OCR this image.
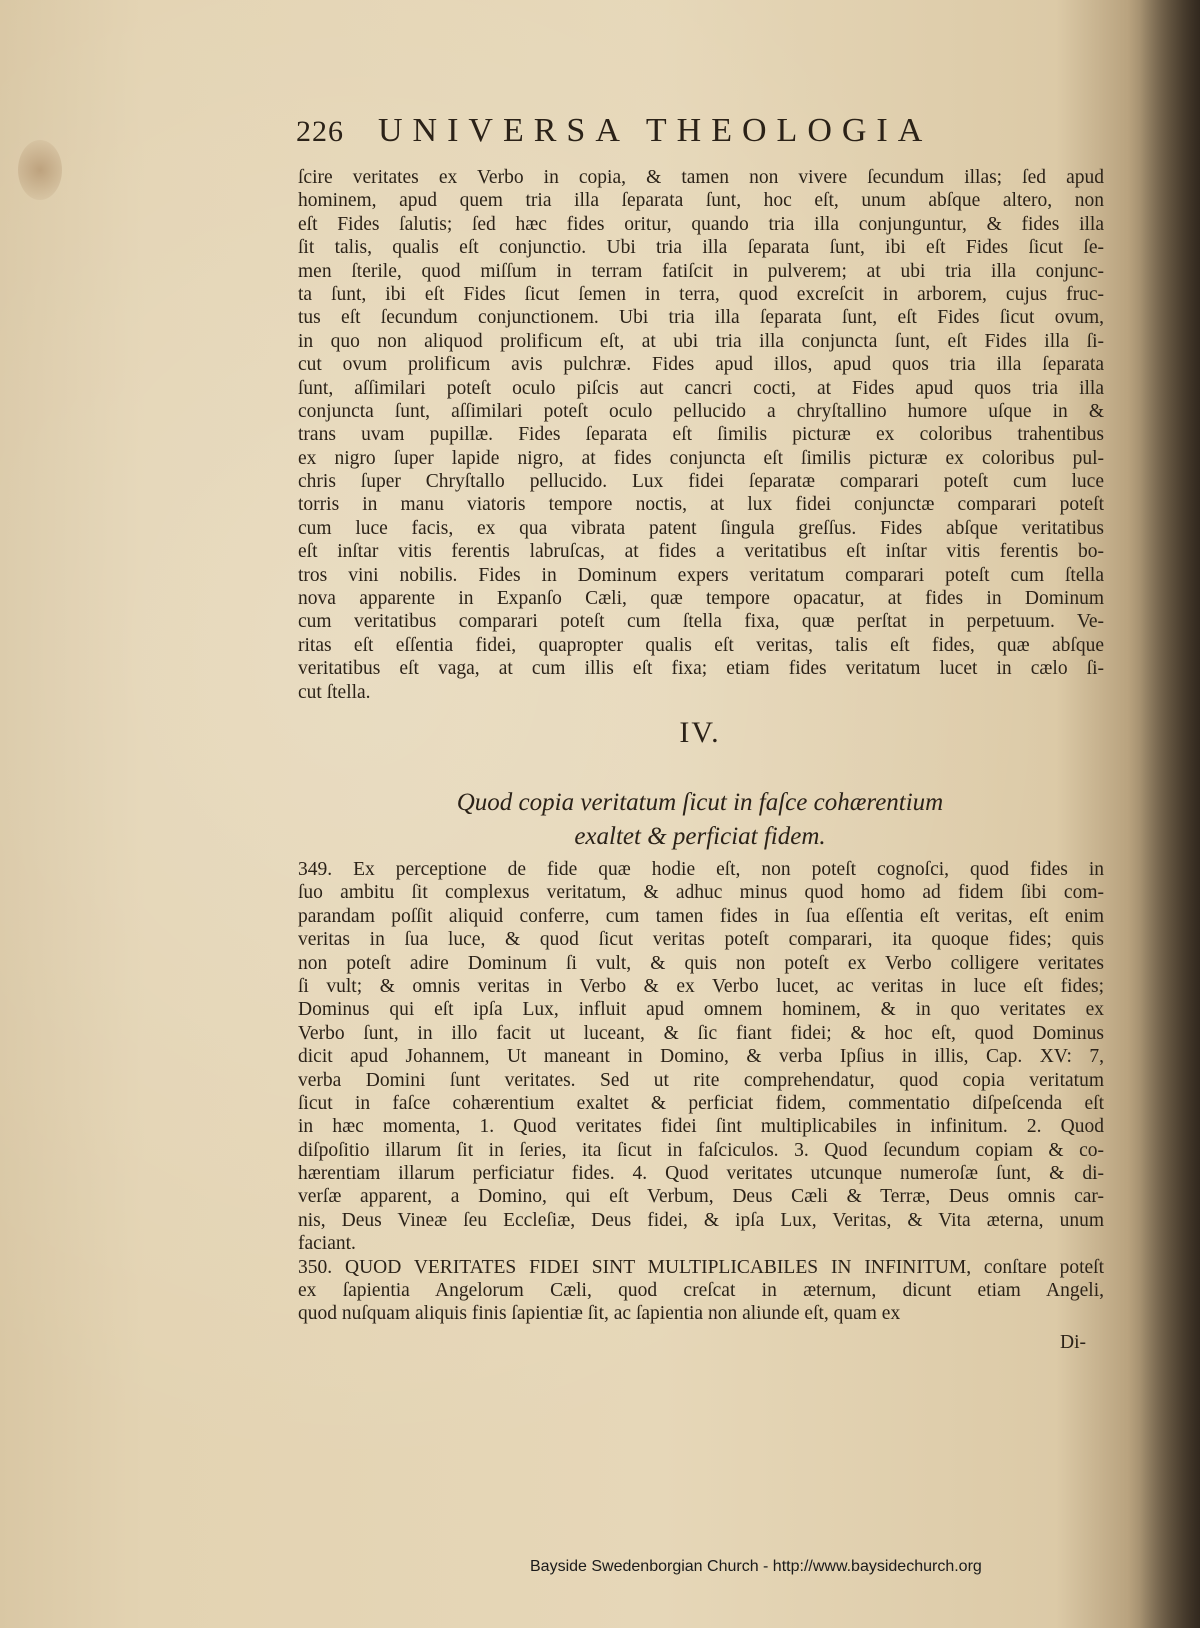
226 UNIVERSA THEOLOGIA
ſcire veritates ex Verbo in copia, & tamen non vivere ſecundum illas; ſed apud
hominem, apud quem tria illa ſeparata ſunt, hoc eſt, unum abſque altero, non
eſt Fides ſalutis; ſed hæc fides oritur, quando tria illa conjunguntur, & fides illa
ſit talis, qualis eſt conjunctio. Ubi tria illa ſeparata ſunt, ibi eſt Fides ſicut ſe-
men ſterile, quod miſſum in terram fatiſcit in pulverem; at ubi tria illa conjunc-
ta ſunt, ibi eſt Fides ſicut ſemen in terra, quod excreſcit in arborem, cujus fruc-
tus eſt ſecundum conjunctionem. Ubi tria illa ſeparata ſunt, eſt Fides ſicut ovum,
in quo non aliquod prolificum eſt, at ubi tria illa conjuncta ſunt, eſt Fides illa ſi-
cut ovum prolificum avis pulchræ. Fides apud illos, apud quos tria illa ſeparata
ſunt, aſſimilari poteſt oculo piſcis aut cancri cocti, at Fides apud quos tria illa
conjuncta ſunt, aſſimilari poteſt oculo pellucido a chryſtallino humore uſque in &
trans uvam pupillæ. Fides ſeparata eſt ſimilis picturæ ex coloribus trahentibus
ex nigro ſuper lapide nigro, at fides conjuncta eſt ſimilis picturæ ex coloribus pul-
chris ſuper Chryſtallo pellucido. Lux fidei ſeparatæ comparari poteſt cum luce
torris in manu viatoris tempore noctis, at lux fidei conjunctæ comparari poteſt
cum luce facis, ex qua vibrata patent ſingula greſſus. Fides abſque veritatibus
eſt inſtar vitis ferentis labruſcas, at fides a veritatibus eſt inſtar vitis ferentis bo-
tros vini nobilis. Fides in Dominum expers veritatum comparari poteſt cum ſtella
nova apparente in Expanſo Cæli, quæ tempore opacatur, at fides in Dominum
cum veritatibus comparari poteſt cum ſtella fixa, quæ perſtat in perpetuum. Ve-
ritas eſt eſſentia fidei, quapropter qualis eſt veritas, talis eſt fides, quæ abſque
veritatibus eſt vaga, at cum illis eſt fixa; etiam fides veritatum lucet in cælo ſi-
cut ſtella.
IV.
Quod copia veritatum ſicut in faſce cohærentium
exaltet & perficiat fidem.
349. Ex perceptione de fide quæ hodie eſt, non poteſt cognoſci, quod fides in
ſuo ambitu ſit complexus veritatum, & adhuc minus quod homo ad fidem ſibi com-
parandam poſſit aliquid conferre, cum tamen fides in ſua eſſentia eſt veritas, eſt enim
veritas in ſua luce, & quod ſicut veritas poteſt comparari, ita quoque fides; quis
non poteſt adire Dominum ſi vult, & quis non poteſt ex Verbo colligere veritates
ſi vult; & omnis veritas in Verbo & ex Verbo lucet, ac veritas in luce eſt fides;
Dominus qui eſt ipſa Lux, influit apud omnem hominem, & in quo veritates ex
Verbo ſunt, in illo facit ut luceant, & ſic fiant fidei; & hoc eſt, quod Dominus
dicit apud Johannem, Ut maneant in Domino, & verba Ipſius in illis, Cap. XV: 7,
verba Domini ſunt veritates. Sed ut rite comprehendatur, quod copia veritatum
ſicut in faſce cohærentium exaltet & perficiat fidem, commentatio diſpeſcenda eſt
in hæc momenta, 1. Quod veritates fidei ſint multiplicabiles in infinitum. 2. Quod
diſpoſitio illarum ſit in ſeries, ita ſicut in faſciculos. 3. Quod ſecundum copiam & co-
hærentiam illarum perficiatur fides. 4. Quod veritates utcunque numeroſæ ſunt, & di-
verſæ apparent, a Domino, qui eſt Verbum, Deus Cæli & Terræ, Deus omnis car-
nis, Deus Vineæ ſeu Eccleſiæ, Deus fidei, & ipſa Lux, Veritas, & Vita æterna, unum
faciant.
350. QUOD VERITATES FIDEI SINT MULTIPLICABILES IN INFINITUM, conſtare poteſt
ex ſapientia Angelorum Cæli, quod creſcat in æternum, dicunt etiam Angeli,
quod nuſquam aliquis finis ſapientiæ ſit, ac ſapientia non aliunde eſt, quam ex
Di-
Bayside Swedenborgian Church - http://www.baysidechurch.org
